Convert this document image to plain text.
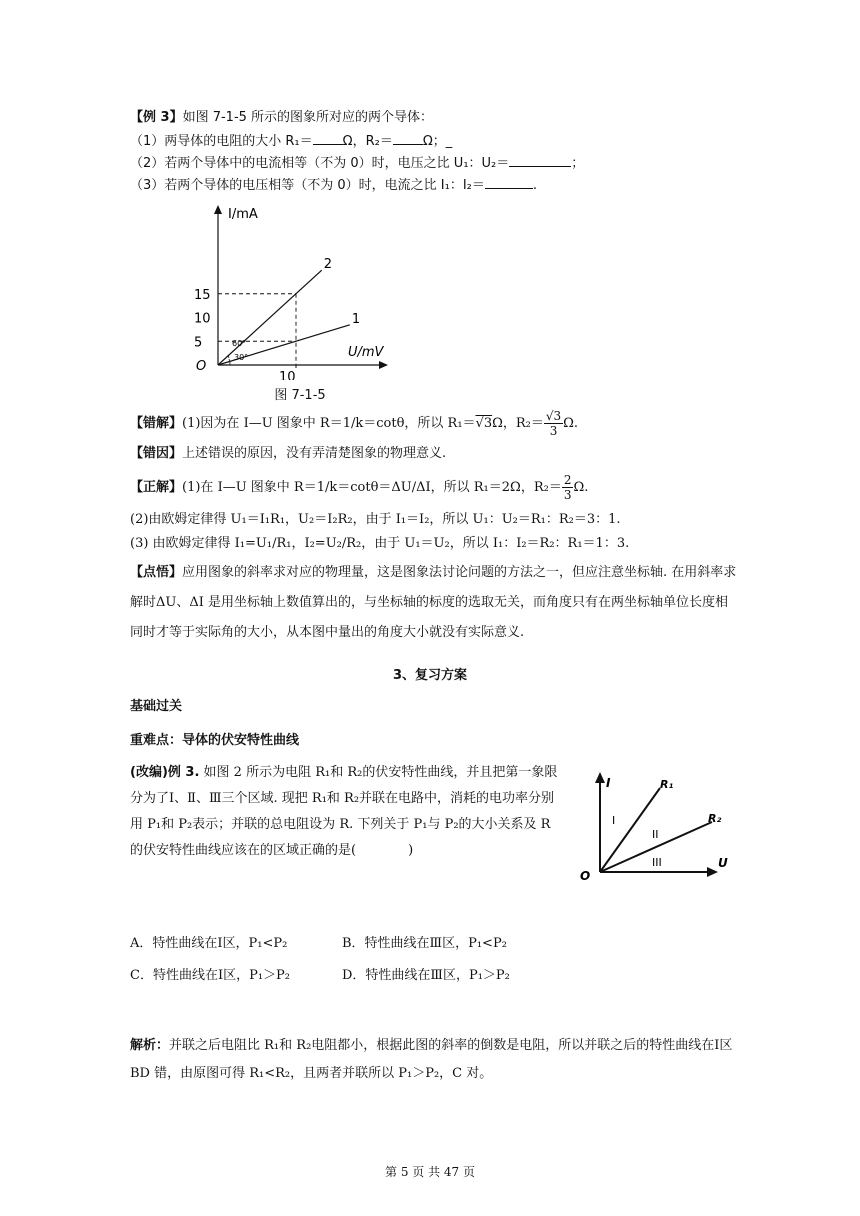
【例 3】如图 7-1-5 所示的图象所对应的两个导体：
（1）两导体的电阻的大小 R₁＝ Ω，R₂＝ Ω；_
（2）若两个导体中的电流相等（不为 0）时，电压之比 U₁：U₂＝	；
（3）若两个导体的电压相等（不为 0）时，电流之比 I₁：I₂＝	.
1
2
5
10
15
I/mA
U/mV
O
10
60°
30°
图 7-1-5
【错解】(1)因为在 I—U 图象中 R＝1/k＝cotθ，所以 R₁＝√3Ω，$R_2= \frac{√3}{3} \Omega$.
【错因】上述错误的原因，没有弄清楚图象的物理意义.
【正解】(1)在 I—U 图象中 R＝1/k＝cotθ＝ΔU/ΔI，所以 R₁＝2Ω，$R_2= \frac{2}{3} \Omega$.
(2)由欧姆定律得 U₁＝I₁R₁，U₂＝I₂R₂，由于 I₁＝I₂，所以 U₁：U₂＝R₁：R₂＝3：1.
(3) 由欧姆定律得 I₁=U₁/R₁，I₂=U₂/R₂，由于 U₁＝U₂，所以 I₁：I₂＝R₂：R₁＝1：3.
【点悟】应用图象的斜率求对应的物理量，这是图象法讨论问题的方法之一，但应注意坐标轴. 在用斜率求解时ΔU、ΔI 是用坐标轴上数值算出的，与坐标轴的标度的选取无关，而角度只有在两坐标轴单位长度相同时才等于实际角的大小，从本图中量出的角度大小就没有实际意义.
3、复习方案
基础过关
重难点：导体的伏安特性曲线
(改编)例 3. 如图 2 所示为电阻 R₁和 R₂的伏安特性曲线，并且把第一象限分为了Ⅰ、Ⅱ、Ⅲ三个区域. 现把 R₁和 R₂并联在电路中，消耗的电功率分别用 P₁和 P₂表示；并联的总电阻设为 R. 下列关于 P₁与 P₂的大小关系及 R 的伏安特性曲线应该在的区域正确的是(　　　　)
I
U
O
R₁
R₂
I
II
III
A．特性曲线在Ⅰ区，P₁<P₂	B．特性曲线在Ⅲ区，P₁<P₂
C．特性曲线在Ⅰ区，P₁＞P₂	D．特性曲线在Ⅲ区，P₁＞P₂
解析：并联之后电阻比 R₁和 R₂电阻都小，根据此图的斜率的倒数是电阻，所以并联之后的特性曲线在Ⅰ区 BD 错，由原图可得 R₁<R₂，且两者并联所以 P₁＞P₂，C 对。
第 5 页 共 47 页
